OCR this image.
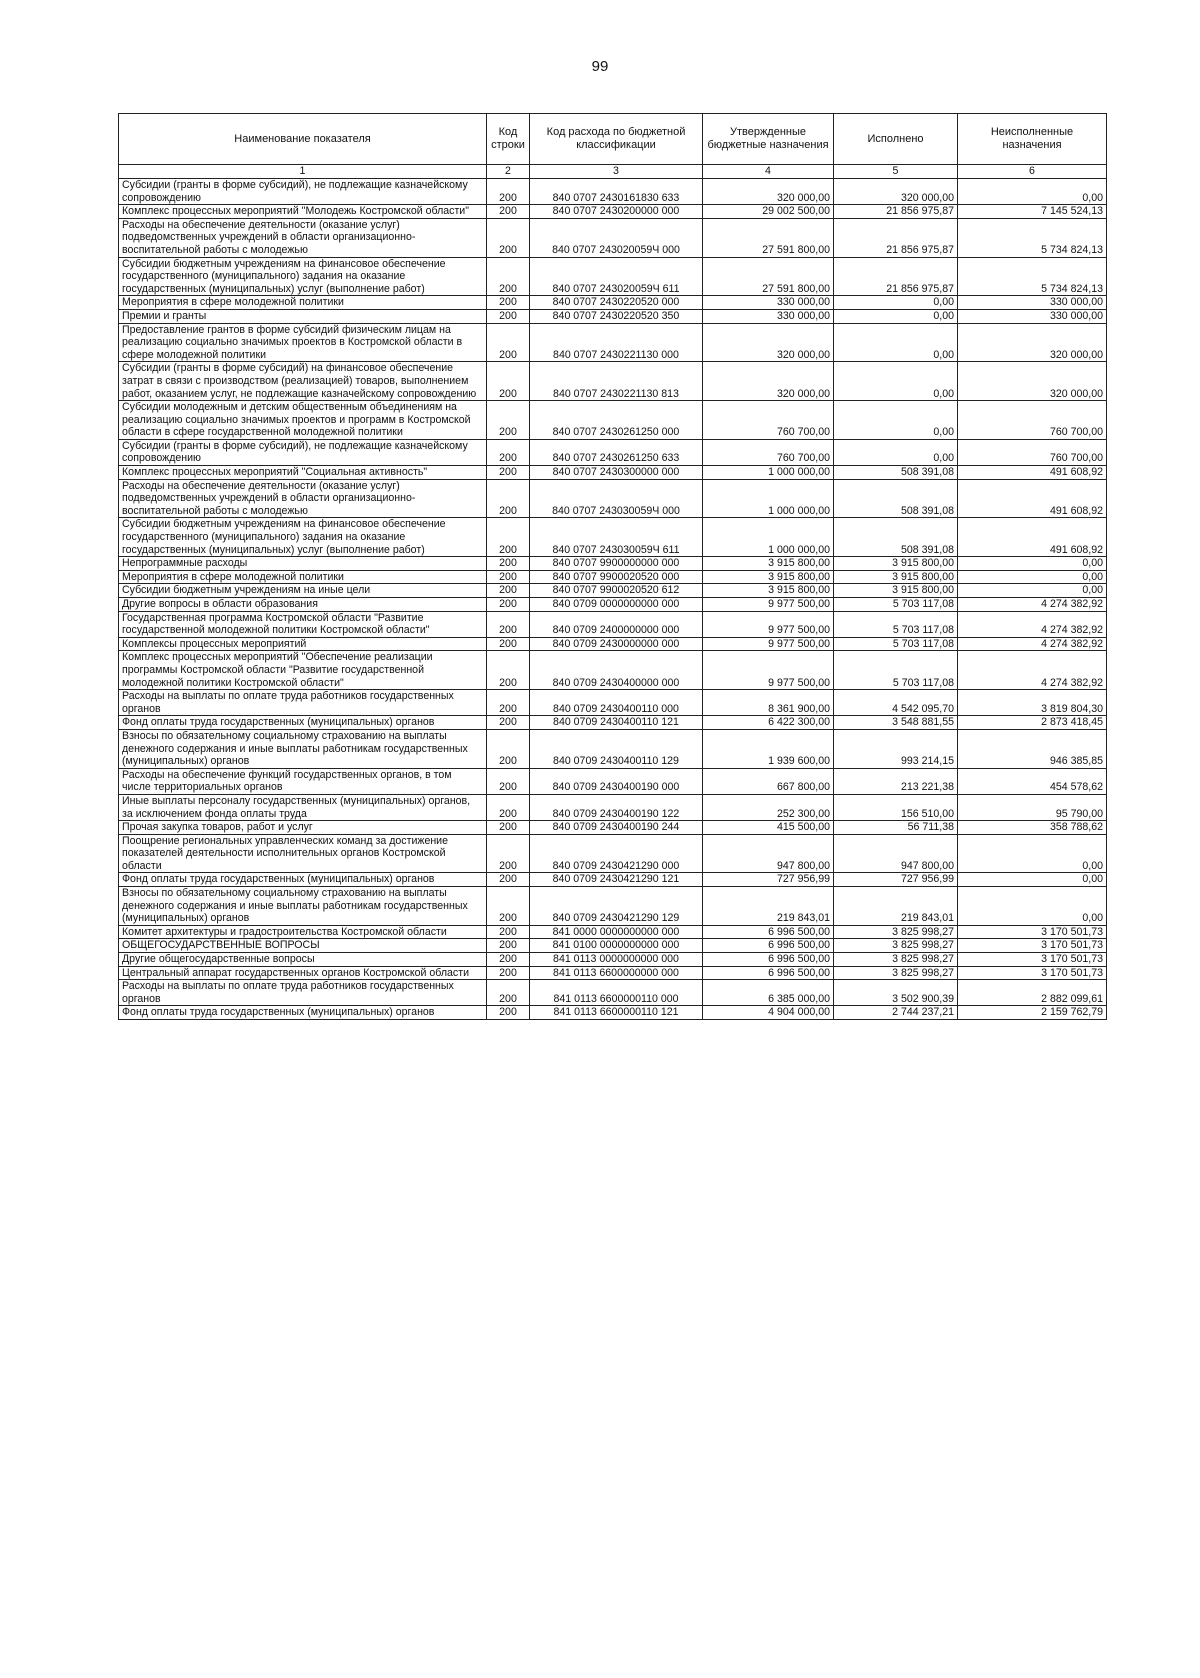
99
Наименование показателя	Код строки	Код расхода по бюджетной классификации	Утвержденные бюджетные назначения	Исполнено	Неисполненные назначения
1	2	3	4	5	6
Субсидии (гранты в форме субсидий), не подлежащие казначейскому сопровождению	200	840 0707 2430161830 633	320 000,00	320 000,00	0,00
Комплекс процессных мероприятий "Молодежь Костромской области"	200	840 0707 2430200000 000	29 002 500,00	21 856 975,87	7 145 524,13
Расходы на обеспечение деятельности (оказание услуг) подведомственных учреждений в области организационно-воспитательной работы с молодежью	200	840 0707 243020059Ч 000	27 591 800,00	21 856 975,87	5 734 824,13
Субсидии бюджетным учреждениям на финансовое обеспечение государственного (муниципального) задания на оказание государственных (муниципальных) услуг (выполнение работ)	200	840 0707 243020059Ч 611	27 591 800,00	21 856 975,87	5 734 824,13
Мероприятия в сфере молодежной политики	200	840 0707 2430220520 000	330 000,00	0,00	330 000,00
Премии и гранты	200	840 0707 2430220520 350	330 000,00	0,00	330 000,00
Предоставление грантов в форме субсидий физическим лицам на реализацию социально значимых проектов в Костромской области в сфере молодежной политики	200	840 0707 2430221130 000	320 000,00	0,00	320 000,00
Субсидии (гранты в форме субсидий) на финансовое обеспечение затрат в связи с производством (реализацией) товаров, выполнением работ, оказанием услуг, не подлежащие казначейскому сопровождению	200	840 0707 2430221130 813	320 000,00	0,00	320 000,00
Субсидии молодежным и детским общественным объединениям на реализацию социально значимых проектов и программ в Костромской области в сфере государственной молодежной политики	200	840 0707 2430261250 000	760 700,00	0,00	760 700,00
Субсидии (гранты в форме субсидий), не подлежащие казначейскому сопровождению	200	840 0707 2430261250 633	760 700,00	0,00	760 700,00
Комплекс процессных мероприятий "Социальная активность"	200	840 0707 2430300000 000	1 000 000,00	508 391,08	491 608,92
Расходы на обеспечение деятельности (оказание услуг) подведомственных учреждений в области организационно-воспитательной работы с молодежью	200	840 0707 243030059Ч 000	1 000 000,00	508 391,08	491 608,92
Субсидии бюджетным учреждениям на финансовое обеспечение государственного (муниципального) задания на оказание государственных (муниципальных) услуг (выполнение работ)	200	840 0707 243030059Ч 611	1 000 000,00	508 391,08	491 608,92
Непрограммные расходы	200	840 0707 9900000000 000	3 915 800,00	3 915 800,00	0,00
Мероприятия в сфере молодежной политики	200	840 0707 9900020520 000	3 915 800,00	3 915 800,00	0,00
Субсидии бюджетным учреждениям на иные цели	200	840 0707 9900020520 612	3 915 800,00	3 915 800,00	0,00
Другие вопросы в области образования	200	840 0709 0000000000 000	9 977 500,00	5 703 117,08	4 274 382,92
Государственная программа Костромской области "Развитие государственной молодежной политики Костромской области"	200	840 0709 2400000000 000	9 977 500,00	5 703 117,08	4 274 382,92
Комплексы процессных мероприятий	200	840 0709 2430000000 000	9 977 500,00	5 703 117,08	4 274 382,92
Комплекс процессных мероприятий "Обеспечение реализации программы Костромской области "Развитие государственной молодежной политики Костромской области"	200	840 0709 2430400000 000	9 977 500,00	5 703 117,08	4 274 382,92
Расходы на выплаты по оплате труда работников государственных органов	200	840 0709 2430400110 000	8 361 900,00	4 542 095,70	3 819 804,30
Фонд оплаты труда государственных (муниципальных) органов	200	840 0709 2430400110 121	6 422 300,00	3 548 881,55	2 873 418,45
Взносы по обязательному социальному страхованию на выплаты денежного содержания и иные выплаты работникам государственных (муниципальных) органов	200	840 0709 2430400110 129	1 939 600,00	993 214,15	946 385,85
Расходы на обеспечение функций государственных органов, в том числе территориальных органов	200	840 0709 2430400190 000	667 800,00	213 221,38	454 578,62
Иные выплаты персоналу государственных (муниципальных) органов, за исключением фонда оплаты труда	200	840 0709 2430400190 122	252 300,00	156 510,00	95 790,00
Прочая закупка товаров, работ и услуг	200	840 0709 2430400190 244	415 500,00	56 711,38	358 788,62
Поощрение региональных управленческих команд за достижение показателей деятельности исполнительных органов Костромской области	200	840 0709 2430421290 000	947 800,00	947 800,00	0,00
Фонд оплаты труда государственных (муниципальных) органов	200	840 0709 2430421290 121	727 956,99	727 956,99	0,00
Взносы по обязательному социальному страхованию на выплаты денежного содержания и иные выплаты работникам государственных (муниципальных) органов	200	840 0709 2430421290 129	219 843,01	219 843,01	0,00
Комитет архитектуры и градостроительства Костромской области	200	841 0000 0000000000 000	6 996 500,00	3 825 998,27	3 170 501,73
ОБЩЕГОСУДАРСТВЕННЫЕ ВОПРОСЫ	200	841 0100 0000000000 000	6 996 500,00	3 825 998,27	3 170 501,73
Другие общегосударственные вопросы	200	841 0113 0000000000 000	6 996 500,00	3 825 998,27	3 170 501,73
Центральный аппарат государственных органов Костромской области	200	841 0113 6600000000 000	6 996 500,00	3 825 998,27	3 170 501,73
Расходы на выплаты по оплате труда работников государственных органов	200	841 0113 6600000110 000	6 385 000,00	3 502 900,39	2 882 099,61
Фонд оплаты труда государственных (муниципальных) органов	200	841 0113 6600000110 121	4 904 000,00	2 744 237,21	2 159 762,79
